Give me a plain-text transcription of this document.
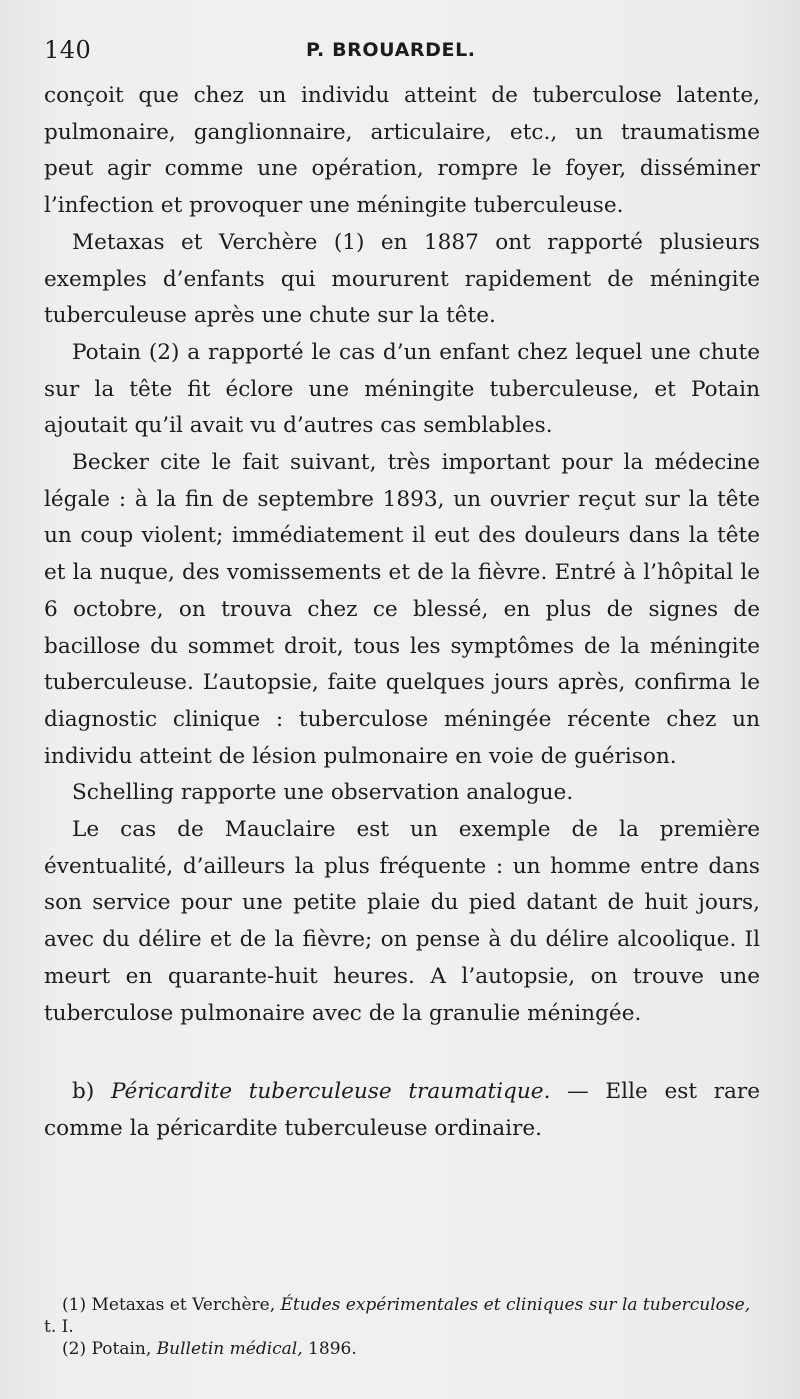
140	P. BROUARDEL.

conçoit que chez un individu atteint de tuberculose latente, pulmonaire, ganglionnaire, articulaire, etc., un traumatisme peut agir comme une opération, rompre le foyer, disséminer l’infection et provoquer une méningite tuberculeuse.

Metaxas et Verchère (1) en 1887 ont rapporté plusieurs exemples d’enfants qui moururent rapidement de méningite tuberculeuse après une chute sur la tête.

Potain (2) a rapporté le cas d’un enfant chez lequel une chute sur la tête fit éclore une méningite tuberculeuse, et Potain ajoutait qu’il avait vu d’autres cas semblables.

Becker cite le fait suivant, très important pour la médecine légale : à la fin de septembre 1893, un ouvrier reçut sur la tête un coup violent; immédiatement il eut des douleurs dans la tête et la nuque, des vomissements et de la fièvre. Entré à l’hôpital le 6 octobre, on trouva chez ce blessé, en plus de signes de bacillose du sommet droit, tous les symptômes de la méningite tuberculeuse. L’autopsie, faite quelques jours après, confirma le diagnostic clinique : tuberculose méningée récente chez un individu atteint de lésion pulmonaire en voie de guérison.

Schelling rapporte une observation analogue.

Le cas de Mauclaire est un exemple de la première éventualité, d’ailleurs la plus fréquente : un homme entre dans son service pour une petite plaie du pied datant de huit jours, avec du délire et de la fièvre; on pense à du délire alcoolique. Il meurt en quarante-huit heures. A l’autopsie, on trouve une tuberculose pulmonaire avec de la granulie méningée.

b) Péricardite tuberculeuse traumatique. — Elle est rare comme la péricardite tuberculeuse ordinaire.

(1) Metaxas et Verchère, Études expérimentales et cliniques sur la tuberculose, t. I.

(2) Potain, Bulletin médical, 1896.
